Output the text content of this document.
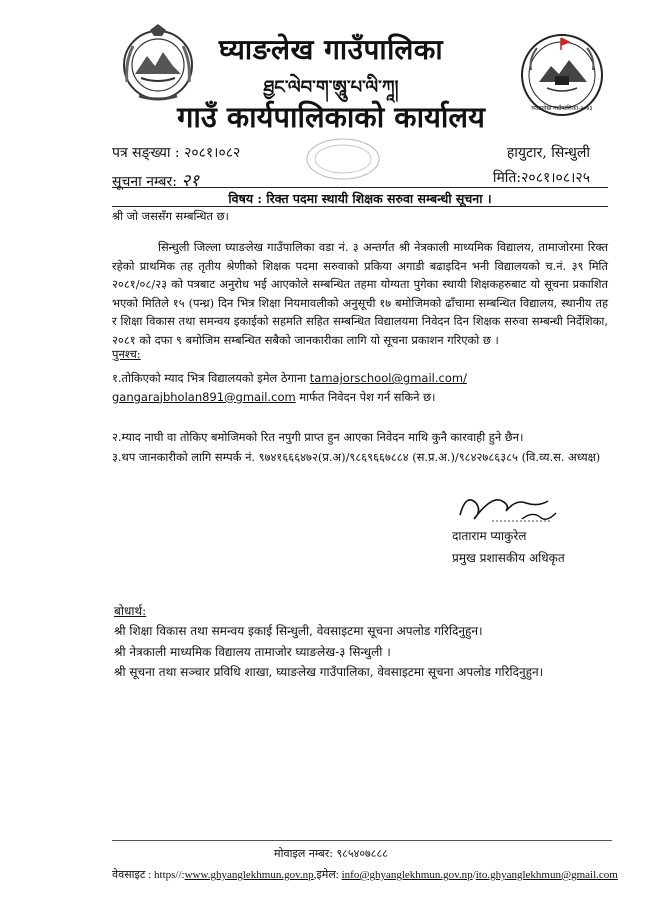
घ्याङलेख गाउँपालिका-२०७३
घ्याङलेख गाउँपालिका
ཐྱང་ལེབ་ག་ཨཱུ་པ་ལི་ཀཱ།
गाउँ कार्यपालिकाको कार्यालय
पत्र सङ्ख्या : २०८१।०८२
सूचना नम्बर: २१
हायुटार, सिन्धुली
मिति:२०८१।०८।२५
विषय : रिक्त पदमा स्थायी शिक्षक सरुवा सम्बन्धी सूचना ।
श्री जो जससँग सम्बन्धित छ।
सिन्धुली जिल्ला घ्याङलेख गाउँपालिका वडा नं. ३ अन्तर्गत श्री नेत्रकाली माध्यमिक विद्यालय, तामाजोरमा रिक्त रहेको प्राथमिक तह तृतीय श्रेणीको शिक्षक पदमा सरुवाको प्रकिया अगाडी बढाइदिन भनी विद्यालयको च.नं. ३९ मिति २०८१/०८/२३ को पत्रबाट अनुरोध भई आएकोले सम्बन्धित तहमा योग्यता पुगेका स्थायी शिक्षकहरुबाट यो सूचना प्रकाशित भएको मितिले १५ (पन्ध्र) दिन भित्र शिक्षा नियमावलीको अनुसूची १७ बमोजिमको ढाँचामा सम्बन्धित विद्यालय, स्थानीय तह र शिक्षा विकास तथा समन्वय इकाईको सहमति सहित सम्बन्धित विद्यालयमा निवेदन दिन शिक्षक सरुवा सम्बन्धी निर्देशिका, २०८१ को दफा ९ बमोजिम सम्बन्धित सबैको जानकारीका लागि यो सूचना प्रकाशन गरिएको छ ।
पुनश्च:
१.तोकिएको म्याद भित्र विद्यालयको इमेल ठेगाना tamajorschool@gmail.com/
gangarajbholan891@gmail.com मार्फत निवेदन पेश गर्न सकिने छ।
२.म्याद नाघी वा तोकिए बमोजिमको रित नपुगी प्राप्त हुन आएका निवेदन माथि कुनै कारवाही हुने छैन।
३.थप जानकारीको लागि सम्पर्क नं. ९७४१६६६४७२(प्र.अ)/९८६९६६७८८४ (स.प्र.अ.)/९८४२७८६३८५ (वि.व्य.स. अध्यक्ष)
दाताराम प्याकुरेल
प्रमुख प्रशासकीय अधिकृत
बोधार्थ:
श्री शिक्षा विकास तथा समन्वय इकाई सिन्धुली, वेवसाइटमा सूचना अपलोड गरिदिनुहुन।
श्री नेत्रकाली माध्यमिक विद्यालय तामाजोर घ्याङलेख-३ सिन्धुली ।
श्री सूचना तथा सञ्चार प्रविधि शाखा, घ्याङलेख गाउँपालिका, वेवसाइटमा सूचना अपलोड गरिदिनुहुन।
मोवाइल नम्बर: ९८५४०७८८८
वेवसाइट : https//:www.ghyanglekhmun.gov.np,इमेल: info@ghyanglekhmun.gov.np/ito.ghyanglekhmun@gmail.com
